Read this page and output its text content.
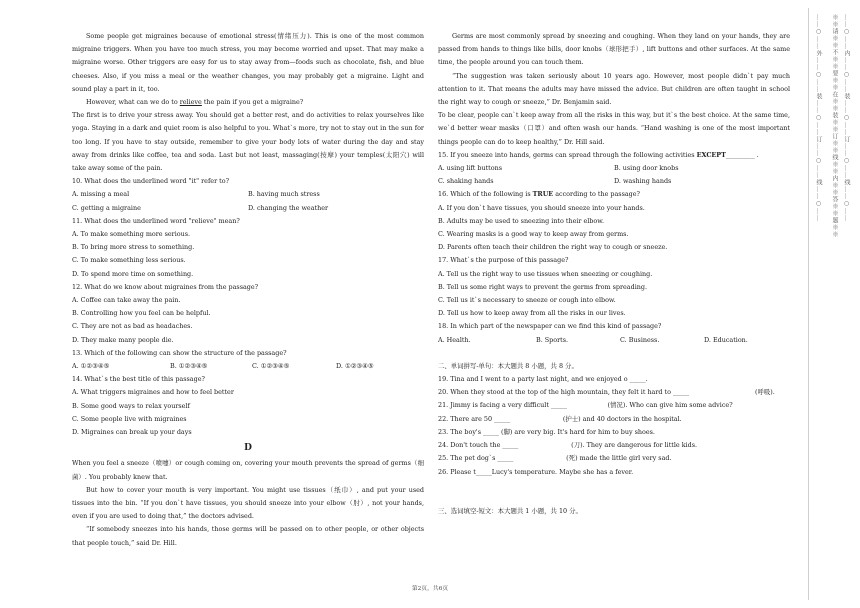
Some people get migraines because of emotional stress(情绪压力). This is one of the most common migraine triggers. When you have too much stress, you may become worried and upset. That may make a migraine worse. Other triggers are easy for us to stay away from—foods such as chocolate, fish, and blue cheeses. Also, if you miss a meal or the weather changes, you may probably get a migraine. Light and sound play a part in it, too.

However, what can we do to relieve the pain if you get a migraine?

The first is to drive your stress away. You should get a better rest, and do activities to relax yourselves like yoga. Staying in a dark and quiet room is also helpful to you. What`s more, try not to stay out in the sun for too long. If you have to stay outside, remember to give your body lots of water during the day and stay away from drinks like coffee, tea and soda. Last but not least, massaging(按摩) your temples(太阳穴) will take away some of the pain.

10. What does the underlined word "it" refer to?

A. missing a meal	B. having much stress
C. getting a migraine	D. changing the weather

11. What does the underlined word "relieve" mean?

A. To make something more serious.

B. To bring more stress to something.

C. To make something less serious.

D. To spend more time on something.

12. What do we know about migraines from the passage?

A. Coffee can take away the pain.

B. Controlling how you feel can be helpful.

C. They are not as bad as headaches.

D. They make many people die.

13. Which of the following can show the structure of the passage?

A. ①②③④⑤	B. ①②③④⑤	C. ①②③④⑤	D. ①②③④⑤

14. What`s the best title of this passage?

A. What triggers migraines and how to feel better

B. Some good ways to relax yourself

C. Some people live with migraines

D. Migraines can break up your days

D

When you feel a sneeze（喷嚏）or cough coming on, covering your mouth prevents the spread of germs（细菌）. You probably knew that.

But how to cover your mouth is very important. You might use tissues（纸巾）, and put your used tissues into the bin. “If you don`t have tissues, you should sneeze into your elbow（肘）, not your hands, even if you are used to doing that,” the doctors advised.

“If somebody sneezes into his hands, those germs will be passed on to other people, or other objects that people touch,” said Dr. Hill.

Germs are most commonly spread by sneezing and coughing. When they land on your hands, they are passed from hands to things like bills, door knobs（球形把手）, lift buttons and other surfaces. At the same time, the people around you can touch them.

“The suggestion was taken seriously about 10 years ago. However, most people didn`t pay much attention to it. That means the adults may have missed the advice. But children are often taught in school the right way to cough or sneeze,” Dr. Benjamin said.

To be clear, people can`t keep away from all the risks in this way, but it`s the best choice. At the same time, we`d better wear masks（口罩）and often wash our hands. “Hand washing is one of the most important things people can do to keep healthy,” Dr. Hill said.

15. If you sneeze into hands, germs can spread through the following activities EXCEPT_________ .

A. using lift buttons	B. using door knobs
C. shaking hands	D. washing hands

16. Which of the following is TRUE according to the passage?

A. If you don`t have tissues, you should sneeze into your hands.

B. Adults may be used to sneezing into their elbow.

C. Wearing masks is a good way to keep away from germs.

D. Parents often teach their children the right way to cough or sneeze.

17. What`s the purpose of this passage?

A. Tell us the right way to use tissues when sneezing or coughing.

B. Tell us some right ways to prevent the germs from spreading.

C. Tell us it`s necessary to sneeze or cough into elbow.

D. Tell us how to keep away from all the risks in our lives.

18. In which part of the newspaper can we find this kind of passage?

A. Health.	B. Sports.	C. Business.	D. Education.

二、单词拼写-单句：本大题共 8 小题，共 8 分。

19. Tina and I went to a party last night, and we enjoyed o _____.

20. When they stood at the top of the high mountain, they felt it hard to _____	(呼吸).

21. Jimmy is facing a very difficult _____                    (情况). Who can give him some advice?

22. There are 50 _____                          (护士) and 40 doctors in the hospital.

23. The boy's _____ (脚) are very big. It's hard for him to buy shoes.

24. Don't touch the _____                          (刀). They are dangerous for little kids.

25. The pet dog`s _____                          (死) made the little girl very sad.

26. Please t_____Lucy's temperature. Maybe she has a fever.

三、选词填空-短文：本大题共 1 小题，共 10 分。

第2页，共6页
……○……外……○……装……○……订……○……线……○……	※※请※※不※※要※※在※※装※※订※※线※※内※※答※※题※※ ……○……内……○……装……○……订……○……线……○……
